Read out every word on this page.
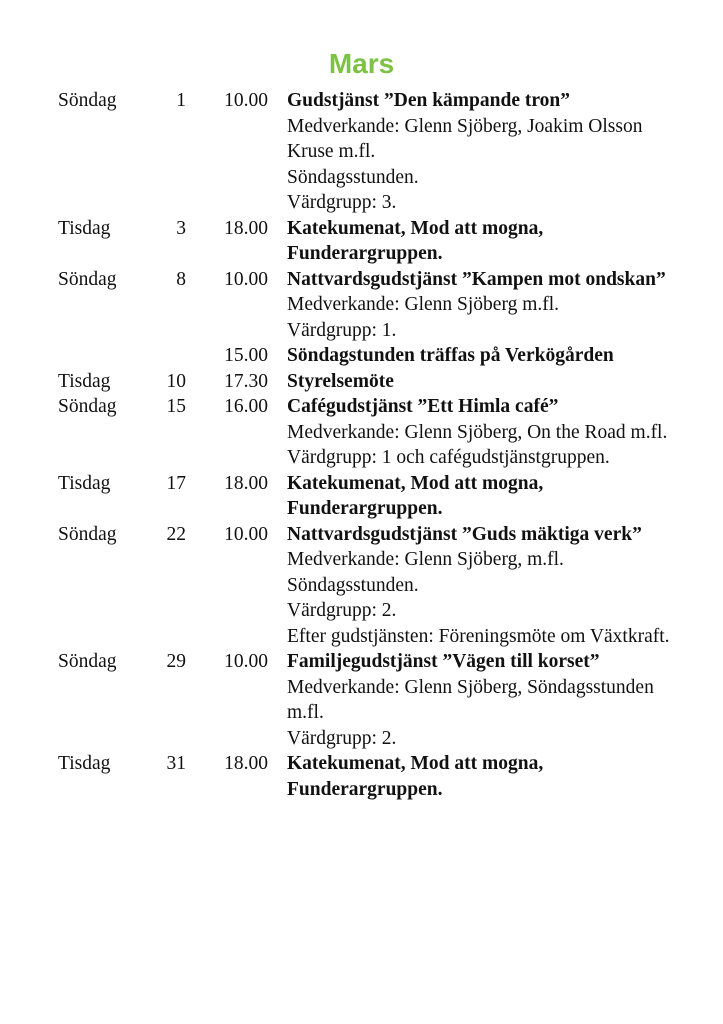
Mars
Söndag	1	10.00 Gudstjänst ”Den kämpande tron”
Medverkande: Glenn Sjöberg, Joakim Olsson Kruse m.fl.
Söndagsstunden.
Värdgrupp: 3.
Tisdag	3	18.00 Katekumenat, Mod att mogna, Funderargruppen.
Söndag	8	10.00 Nattvardsgudstjänst ”Kampen mot ondskan”
Medverkande: Glenn Sjöberg m.fl.
Värdgrupp: 1.
15.00 Söndagstunden träffas på Verkögården
Tisdag	10	17.30 Styrelsemöte
Söndag	15	16.00 Cafégudstjänst ”Ett Himla café”
Medverkande: Glenn Sjöberg, On the Road m.fl.
Värdgrupp: 1 och cafégudstjänstgruppen.
Tisdag	17	18.00 Katekumenat, Mod att mogna, Funderargruppen.
Söndag	22	10.00 Nattvardsgudstjänst ”Guds mäktiga verk”
Medverkande: Glenn Sjöberg, m.fl.
Söndagsstunden.
Värdgrupp: 2.
Efter gudstjänsten: Föreningsmöte om Växtkraft.
Söndag	29	10.00 Familjegudstjänst ”Vägen till korset”
Medverkande: Glenn Sjöberg, Söndagsstunden m.fl.
Värdgrupp: 2.
Tisdag	31	18.00 Katekumenat, Mod att mogna, Funderargruppen.
